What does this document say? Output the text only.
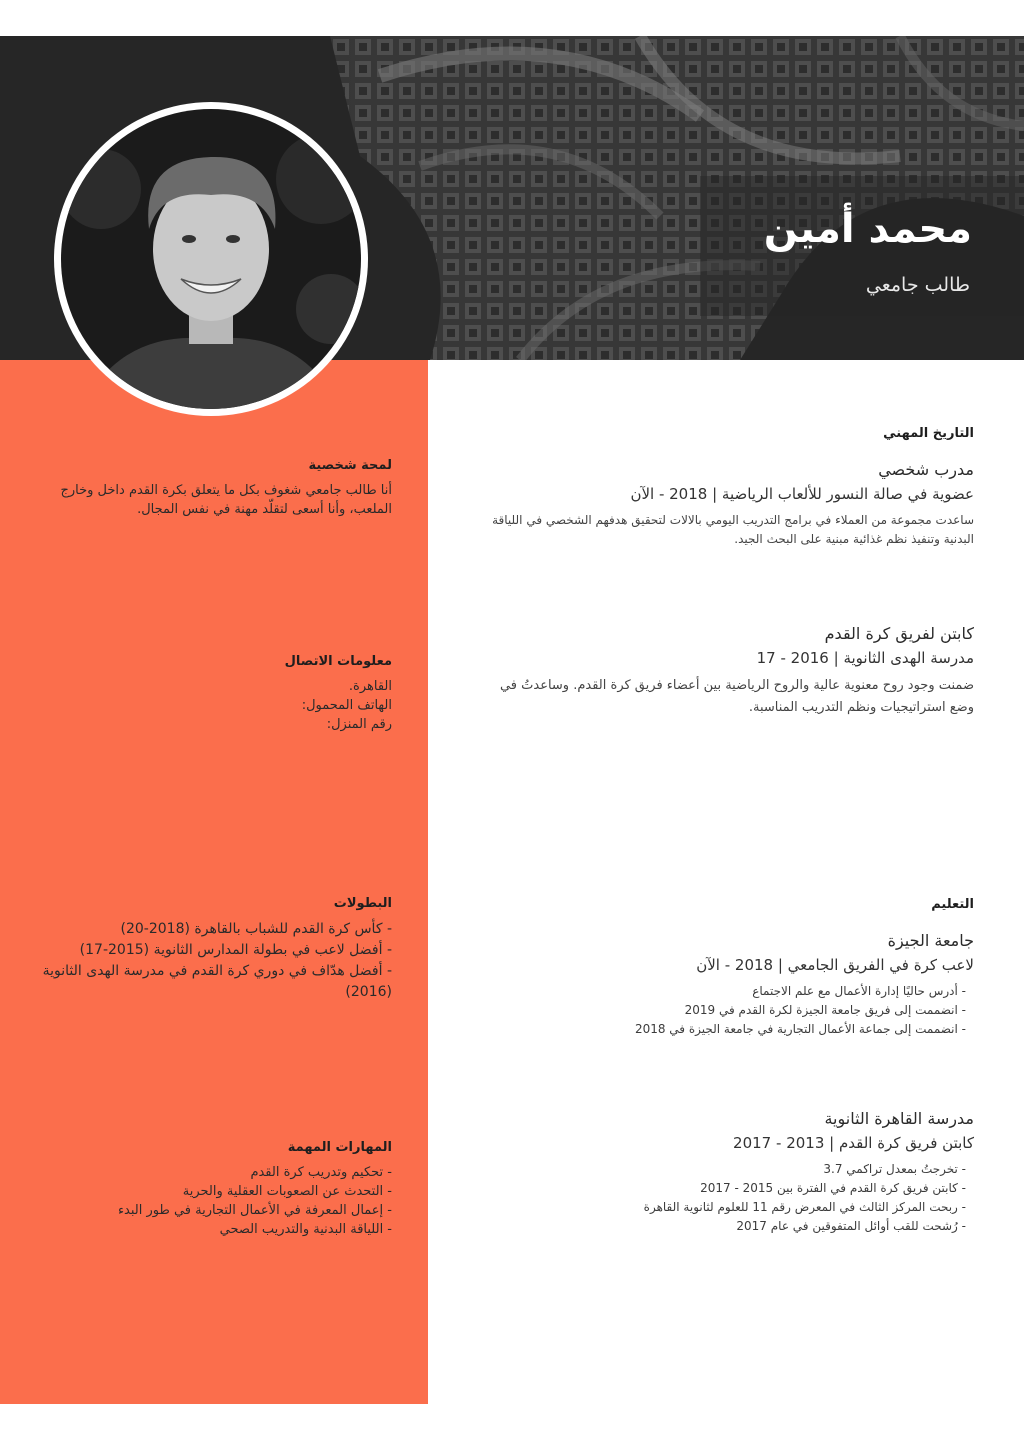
محمد أمين
طالب جامعي
لمحة شخصية

أنا طالب جامعي شغوف بكل ما يتعلق بكرة القدم داخل وخارج الملعب، وأنا أسعى لتقلّد مهنة في نفس المجال.

معلومات الاتصال

القاهرة.

الهاتف المحمول:

رقم المنزل:

البطولات
- كأس كرة القدم للشباب بالقاهرة (2018-20)
- أفضل لاعب في بطولة المدارس الثانوية (2015-17)
- أفضل هدّاف في دوري كرة القدم في مدرسة الهدى الثانوية (2016)
المهارات المهمة
- تحكيم وتدريب كرة القدم
- التحدث عن الصعوبات العقلية والحرية
- إعمال المعرفة في الأعمال التجارية في طور البدء
- اللياقة البدنية والتدريب الصحي
التاريخ المهني

مدرب شخصي

عضوية في صالة النسور للألعاب الرياضية | 2018 - الآن

ساعدت مجموعة من العملاء في برامج التدريب اليومي بالالات لتحقيق هدفهم الشخصي في اللياقة البدنية وتنفيذ نظم غذائية مبنية على البحث الجيد.

كابتن لفريق كرة القدم

مدرسة الهدى الثانوية | 2016 - 17

ضمنت وجود روح معنوية عالية والروح الرياضية بين أعضاء فريق كرة القدم. وساعدتُ في وضع استراتيجيات ونظم التدريب المناسبة.

التعليم

جامعة الجيزة

لاعب كرة في الفريق الجامعي | 2018 - الآن

- أدرس حاليًا إدارة الأعمال مع علم الاجتماع
- انضممت إلى فريق جامعة الجيزة لكرة القدم في 2019
- انضممت إلى جماعة الأعمال التجارية في جامعة الجيزة في 2018

مدرسة القاهرة الثانوية

كابتن فريق كرة القدم | 2013 - 2017

- تخرجتُ بمعدل تراكمي 3.7
- كابتن فريق كرة القدم في الفترة بين 2015 - 2017
- ربحت المركز الثالث في المعرض رقم 11 للعلوم لثانوية القاهرة
- رُشحت للقب أوائل المتفوقين في عام 2017
